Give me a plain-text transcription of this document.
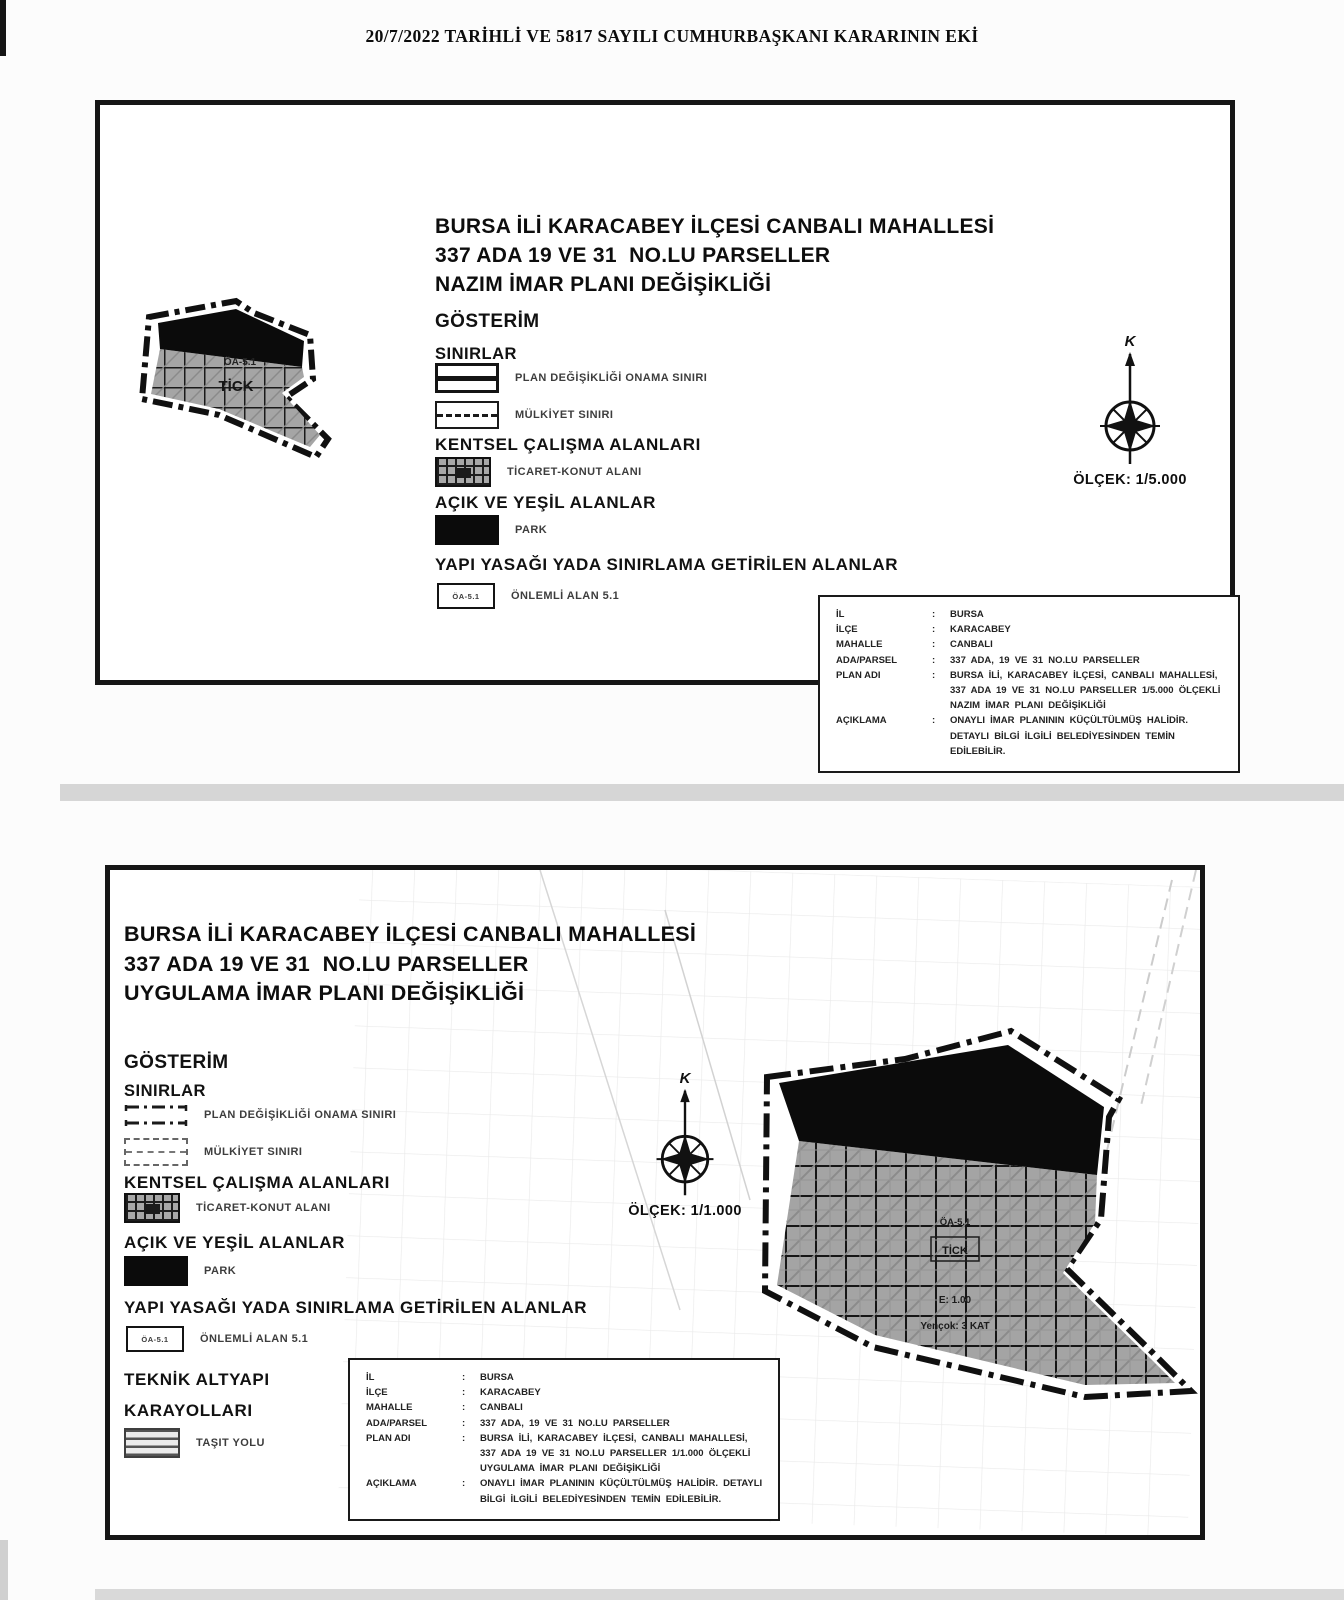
20/7/2022 TARİHLİ VE 5817 SAYILI CUMHURBAŞKANI KARARININ EKİ
ÖA-5.1
TİCK
BURSA İLİ KARACABEY İLÇESİ CANBALI MAHALLESİ
337 ADA 19 VE 31  NO.LU PARSELLER
NAZIM İMAR PLANI DEĞİŞİKLİĞİ
GÖSTERİM
SINIRLAR
PLAN DEĞİŞİKLİĞİ ONAMA SINIRI
MÜLKİYET SINIRI
KENTSEL ÇALIŞMA ALANLARI
TİCARET-KONUT ALANI
AÇIK VE YEŞİL ALANLAR
PARK
YAPI YASAĞI YADA SINIRLAMA GETİRİLEN ALANLAR
ÖA-5.1	ÖNLEMLİ ALAN 5.1
K
ÖLÇEK: 1/5.000
İL	:	BURSA
İLÇE	:	KARACABEY
MAHALLE	:	CANBALI
ADA/PARSEL	:	337 ADA, 19 VE 31 NO.LU PARSELLER
PLAN ADI	:	BURSA İLİ, KARACABEY İLÇESİ, CANBALI MAHALLESİ, 337 ADA 19 VE 31 NO.LU PARSELLER 1/5.000 ÖLÇEKLİ NAZIM İMAR PLANI DEĞİŞİKLİĞİ
AÇIKLAMA	:	ONAYLI İMAR PLANININ KÜÇÜLTÜLMÜŞ HALİDİR. DETAYLI BİLGİ İLGİLİ BELEDİYESİNDEN TEMİN EDİLEBİLİR.
BURSA İLİ KARACABEY İLÇESİ CANBALI MAHALLESİ
337 ADA 19 VE 31  NO.LU PARSELLER
UYGULAMA İMAR PLANI DEĞİŞİKLİĞİ
GÖSTERİM
SINIRLAR
PLAN DEĞİŞİKLİĞİ ONAMA SINIRI
MÜLKİYET SINIRI
KENTSEL ÇALIŞMA ALANLARI
TİCARET-KONUT ALANI
AÇIK VE YEŞİL ALANLAR
PARK
YAPI YASAĞI YADA SINIRLAMA GETİRİLEN ALANLAR
ÖA-5.1	ÖNLEMLİ ALAN 5.1
TEKNİK ALTYAPI
KARAYOLLARI
TAŞIT YOLU
K
ÖLÇEK: 1/1.000
ÖA-5.1
TİCK
E: 1.00
Yençok: 3 KAT
İL	:	BURSA
İLÇE	:	KARACABEY
MAHALLE	:	CANBALI
ADA/PARSEL	:	337 ADA, 19 VE 31 NO.LU PARSELLER
PLAN ADI	:	BURSA İLİ, KARACABEY İLÇESİ, CANBALI MAHALLESİ, 337 ADA 19 VE 31 NO.LU PARSELLER 1/1.000 ÖLÇEKLİ UYGULAMA İMAR PLANI DEĞİŞİKLİĞİ
AÇIKLAMA	:	ONAYLI İMAR PLANININ KÜÇÜLTÜLMÜŞ HALİDİR. DETAYLI BİLGİ İLGİLİ BELEDİYESİNDEN TEMİN EDİLEBİLİR.
